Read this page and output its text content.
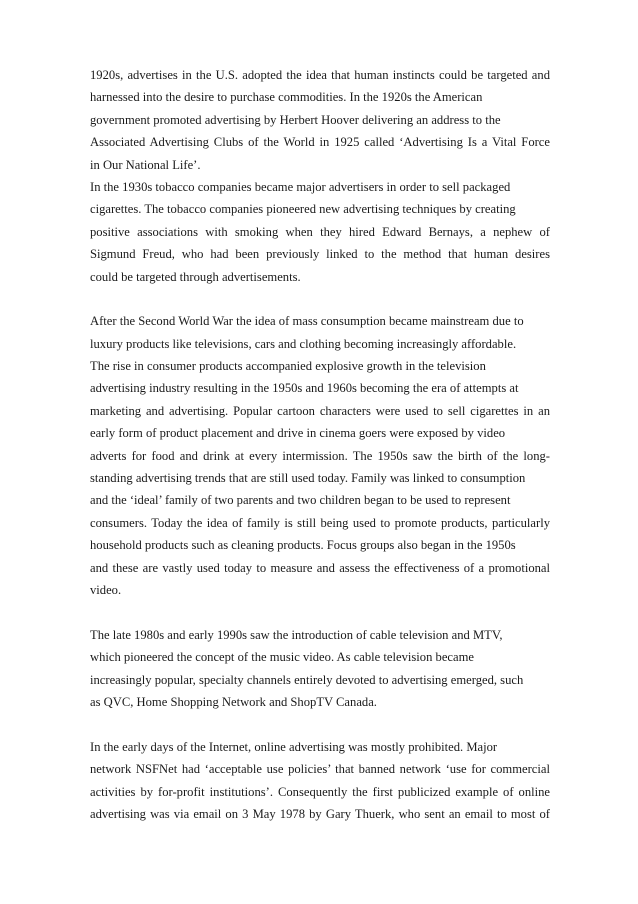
1920s, advertises in the U.S. adopted the idea that human instincts could be targeted and
harnessed into the desire to purchase commodities. In the 1920s the American
government promoted advertising by Herbert Hoover delivering an address to the
Associated Advertising Clubs of the World in 1925 called ‘Advertising Is a Vital Force
in Our National Life’.
In the 1930s tobacco companies became major advertisers in order to sell packaged
cigarettes. The tobacco companies pioneered new advertising techniques by creating
positive associations with smoking when they hired Edward Bernays, a nephew of
Sigmund Freud, who had been previously linked to the method that human desires
could be targeted through advertisements.
After the Second World War the idea of mass consumption became mainstream due to
luxury products like televisions, cars and clothing becoming increasingly affordable.
The rise in consumer products accompanied explosive growth in the television
advertising industry resulting in the 1950s and 1960s becoming the era of attempts at
marketing and advertising. Popular cartoon characters were used to sell cigarettes in an
early form of product placement and drive in cinema goers were exposed by video
adverts for food and drink at every intermission. The 1950s saw the birth of the long-
standing advertising trends that are still used today. Family was linked to consumption
and the ‘ideal’ family of two parents and two children began to be used to represent
consumers. Today the idea of family is still being used to promote products, particularly
household products such as cleaning products. Focus groups also began in the 1950s
and these are vastly used today to measure and assess the effectiveness of a promotional
video.
The late 1980s and early 1990s saw the introduction of cable television and MTV,
which pioneered the concept of the music video. As cable television became
increasingly popular, specialty channels entirely devoted to advertising emerged, such
as QVC, Home Shopping Network and ShopTV Canada.
In the early days of the Internet, online advertising was mostly prohibited. Major
network NSFNet had ‘acceptable use policies’ that banned network ‘use for commercial
activities by for-profit institutions’. Consequently the first publicized example of online
advertising was via email on 3 May 1978 by Gary Thuerk, who sent an email to most of
